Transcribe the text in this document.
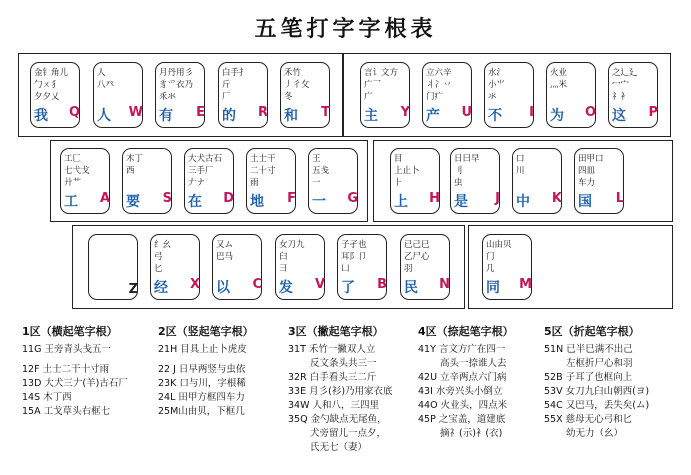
五笔打字字根表
金钅角儿
勹ㄨ犭
夕夕乂
我 Q
人
八癶
人 W
月丹用彡
豸爫衣乃
乑氺
有 E
白手扌
斤
厂
的 R
禾竹
丿彳攵
冬
和 T
言讠文方
广乛
广
主 Y
立六辛
丬冫丷
门疒
产 U
水氵
小⺌
氺
不 I
火业
灬米
为 O
之辶廴
冖宀
礻衤
这 P
工匚
七弋戈
廾艹
工 A
木丁
西
要 S
大犬古石
三手厂
𠂇ナ
在 D
土士干
二十寸
雨
地 F
王
五戋
一
一 G
目
上止卜
⺊
上 H
日曰早
刂
虫
是 J
口
川
中 K
田甲口
四皿
车力
国 L
Z
纟幺
弓
匕
经 X
又ム
巴马
以 C
女刀九
臼
彐
发 V
子孑也
耳阝卩
凵
了 B
已己巳
乙尸心
羽
民 N
山由贝
门
几
同 M
1区（横起笔字根）
11G 王旁青头戋五一
12F 土士二干十寸雨
13D 大犬三𠂇(羊)古石厂
14S 木丁西
15A 工戈草头右框七
2区（竖起笔字根）
21H 目具上止卜虎皮
22 J 日早两竖与虫依
23K 口与川，字根稀
24L 田甲方框四车力
25M山由贝，下框几
3区（撇起笔字根）
31T 禾竹一撇双人立
反文条头共三一
32R 白手看头三二斤
33E 月彡(衫)乃用家衣底
34W 人和八，三四里
35Q 金勺缺点无尾鱼，
犬旁留儿一点夕，
氏无七（妻）
4区（捺起笔字根）
41Y 言文方广在四一
高头一捺谁人去
42U 立辛两点六门病
43I 水旁兴头小倒立
44O 火业头，四点米
45P 之宝盖，道建底
摘礻(示)衤(衣)
5区（折起笔字根）
51N 已半巳满不出己
左框折尸心和羽
52B 子耳了也框向上
53V 女刀九臼山朝西(ヨ)
54C 又巴马，丢失矣(ム)
55X 慈母无心弓和匕
幼无力（幺）
